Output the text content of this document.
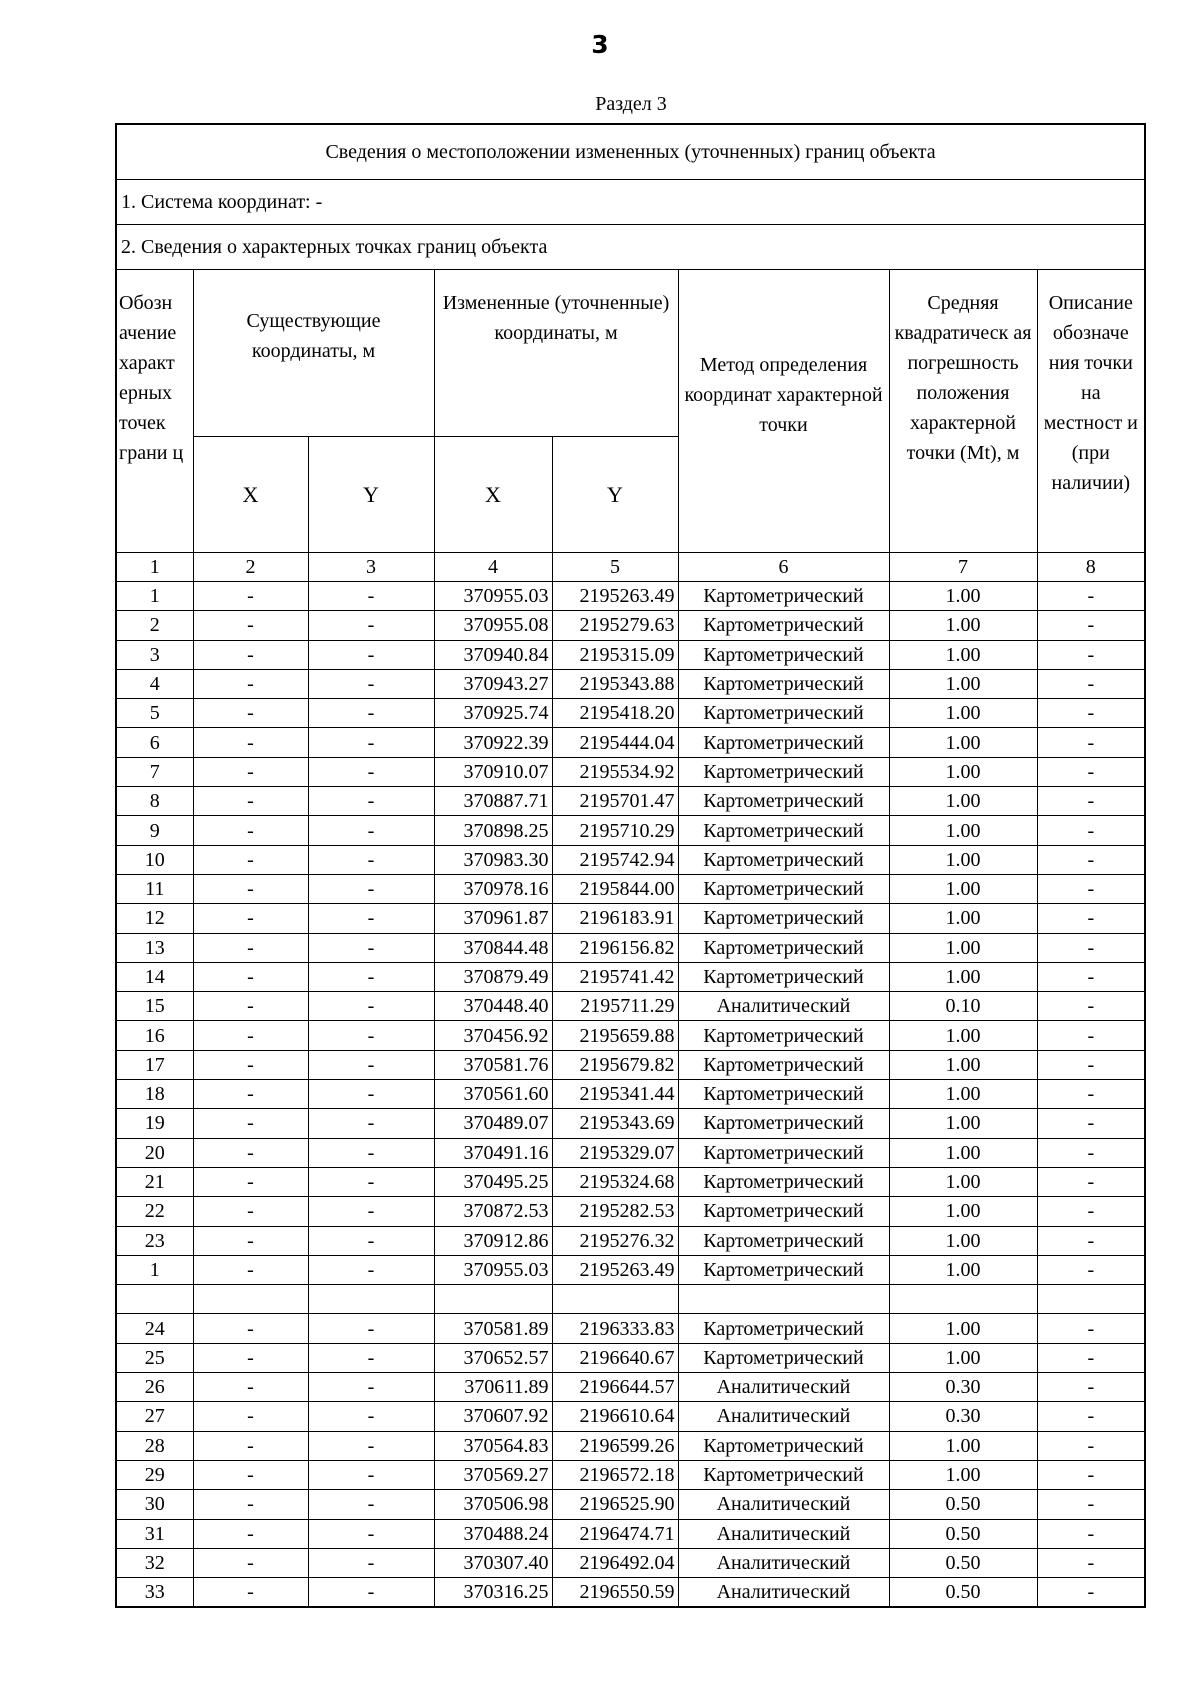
3
Раздел 3
Сведения о местоположении измененных (уточненных) границ объекта							
1. Система координат: -							
2. Сведения о характерных точках границ объекта							
Обозн ачение характ ерных точек грани ц	Существующие координаты, м		Измененные (уточненные) координаты, м		Метод определения координат характерной точки	Средняя квадратическ ая погрешность положения характерной точки (Mt), м	Описание обозначе ния точки на местност и (при наличии)
	X	Y	X	Y			
1	2	3	4	5	6	7	8
1	-	-	370955.03	2195263.49	Картометрический	1.00	-
2	-	-	370955.08	2195279.63	Картометрический	1.00	-
3	-	-	370940.84	2195315.09	Картометрический	1.00	-
4	-	-	370943.27	2195343.88	Картометрический	1.00	-
5	-	-	370925.74	2195418.20	Картометрический	1.00	-
6	-	-	370922.39	2195444.04	Картометрический	1.00	-
7	-	-	370910.07	2195534.92	Картометрический	1.00	-
8	-	-	370887.71	2195701.47	Картометрический	1.00	-
9	-	-	370898.25	2195710.29	Картометрический	1.00	-
10	-	-	370983.30	2195742.94	Картометрический	1.00	-
11	-	-	370978.16	2195844.00	Картометрический	1.00	-
12	-	-	370961.87	2196183.91	Картометрический	1.00	-
13	-	-	370844.48	2196156.82	Картометрический	1.00	-
14	-	-	370879.49	2195741.42	Картометрический	1.00	-
15	-	-	370448.40	2195711.29	Аналитический	0.10	-
16	-	-	370456.92	2195659.88	Картометрический	1.00	-
17	-	-	370581.76	2195679.82	Картометрический	1.00	-
18	-	-	370561.60	2195341.44	Картометрический	1.00	-
19	-	-	370489.07	2195343.69	Картометрический	1.00	-
20	-	-	370491.16	2195329.07	Картометрический	1.00	-
21	-	-	370495.25	2195324.68	Картометрический	1.00	-
22	-	-	370872.53	2195282.53	Картометрический	1.00	-
23	-	-	370912.86	2195276.32	Картометрический	1.00	-
1	-	-	370955.03	2195263.49	Картометрический	1.00	-

24	-	-	370581.89	2196333.83	Картометрический	1.00	-
25	-	-	370652.57	2196640.67	Картометрический	1.00	-
26	-	-	370611.89	2196644.57	Аналитический	0.30	-
27	-	-	370607.92	2196610.64	Аналитический	0.30	-
28	-	-	370564.83	2196599.26	Картометрический	1.00	-
29	-	-	370569.27	2196572.18	Картометрический	1.00	-
30	-	-	370506.98	2196525.90	Аналитический	0.50	-
31	-	-	370488.24	2196474.71	Аналитический	0.50	-
32	-	-	370307.40	2196492.04	Аналитический	0.50	-
33	-	-	370316.25	2196550.59	Аналитический	0.50	-
